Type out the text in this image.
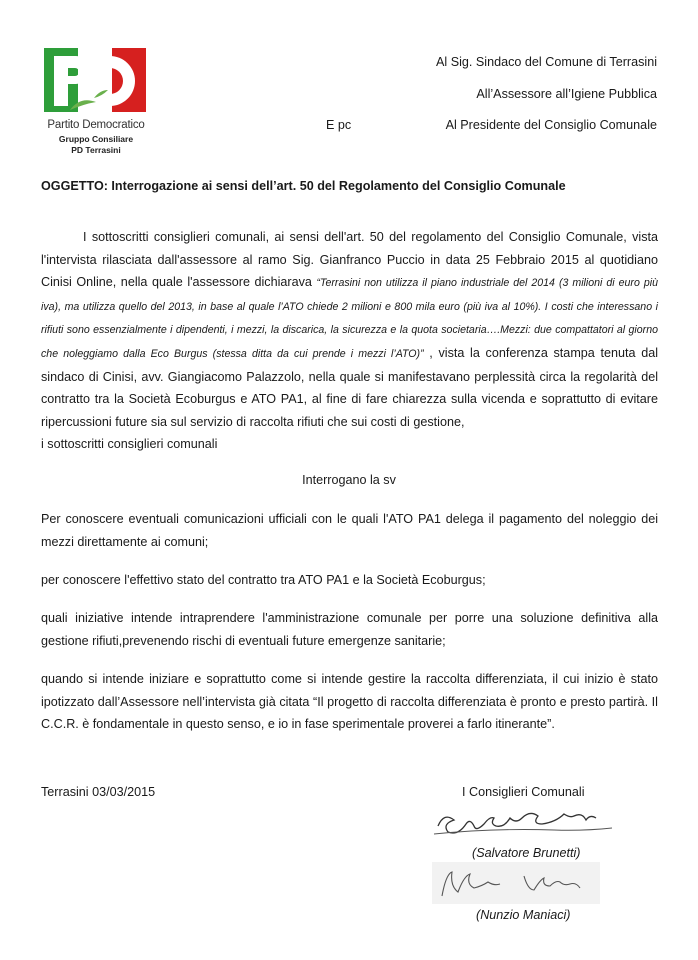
Partito Democratico
Gruppo Consiliare
PD Terrasini
Al Sig. Sindaco del Comune di Terrasini
All’Assessore all’Igiene Pubblica
Al Presidente del Consiglio Comunale
E pc
OGGETTO: Interrogazione ai sensi dell’art. 50 del Regolamento del Consiglio Comunale

I sottoscritti consiglieri comunali, ai sensi dell'art. 50 del regolamento del Consiglio Comunale, vista l'intervista rilasciata dall'assessore al ramo Sig. Gianfranco Puccio in data 25 Febbraio 2015 al quotidiano Cinisi Online, nella quale l'assessore dichiarava “Terrasini non utilizza il piano industriale del 2014 (3 milioni di euro più iva), ma utilizza quello del 2013, in base al quale l’ATO chiede 2 milioni e 800 mila euro (più iva al 10%). I costi che interessano i rifiuti sono essenzialmente i dipendenti, i mezzi, la discarica, la sicurezza e la quota societaria….Mezzi: due compattatori al giorno che noleggiamo dalla Eco Burgus (stessa ditta da cui prende i mezzi l’ATO)” , vista la conferenza stampa tenuta dal sindaco di Cinisi, avv. Giangiacomo Palazzolo, nella quale si manifestavano perplessità circa la regolarità del contratto tra la Società Ecoburgus e ATO PA1, al fine di fare chiarezza sulla vicenda e soprattutto di evitare ripercussioni future sia sul servizio di raccolta rifiuti che sui costi di gestione,

i sottoscritti consiglieri comunali

Interrogano la sv
Per conoscere eventuali comunicazioni ufficiali con le quali l'ATO PA1 delega il pagamento del noleggio dei mezzi direttamente ai comuni;
per conoscere l'effettivo stato del contratto tra ATO PA1 e la Società Ecoburgus;
quali iniziative intende intraprendere l'amministrazione comunale per porre una soluzione definitiva alla gestione rifiuti,prevenendo rischi di eventuali future emergenze sanitarie;
quando si intende iniziare e soprattutto come si intende gestire la raccolta differenziata, il cui inizio è stato ipotizzato dall’Assessore nell’intervista già citata “Il progetto di raccolta differenziata è pronto e presto partirà. Il C.C.R. è fondamentale in questo senso, e io in fase sperimentale proverei a farlo itinerante”.
Terrasini 03/03/2015	I Consiglieri Comunali
(Salvatore Brunetti)
(Nunzio Maniaci)
